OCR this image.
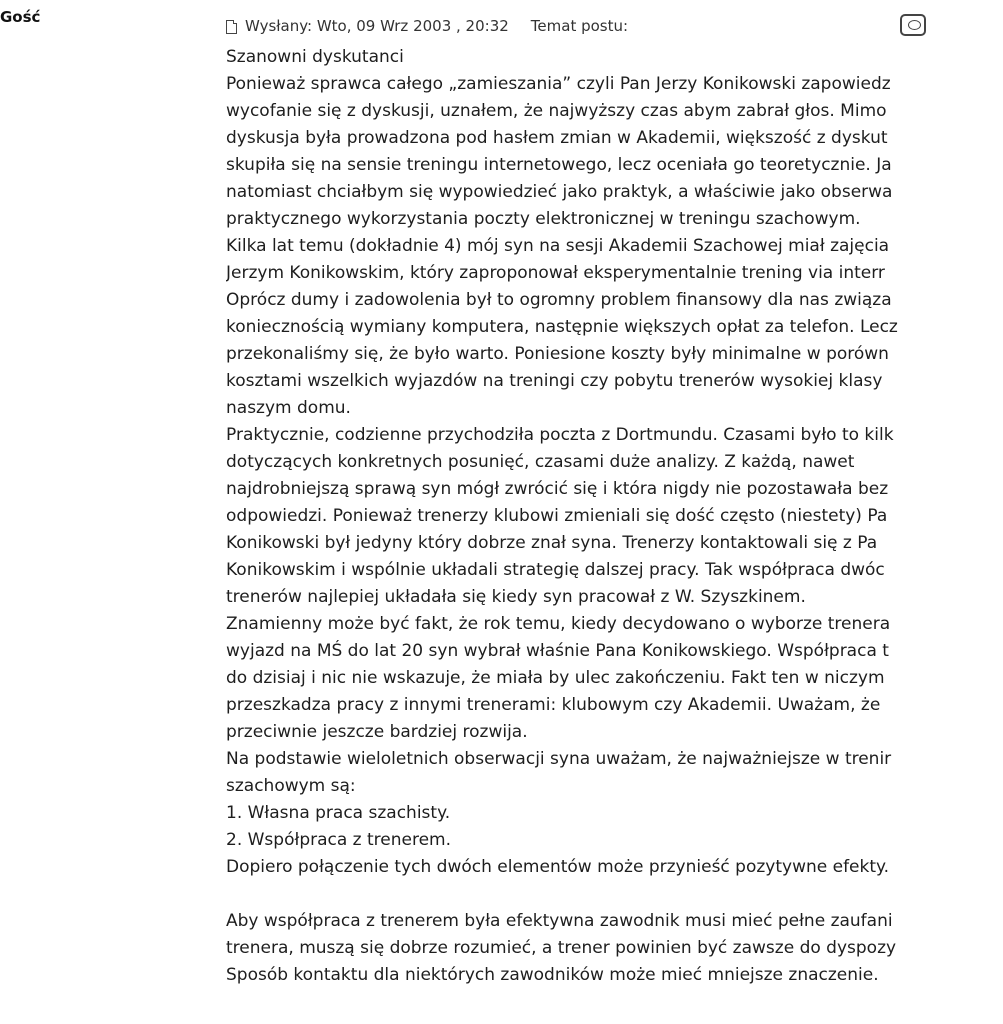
Gość	Wysłany: Wto, 09 Wrz 2003 , 20:32 Temat postu:
Szanowni dyskutanci
Ponieważ sprawca całego „zamieszania” czyli Pan Jerzy Konikowski zapowiedz
wycofanie się z dyskusji, uznałem, że najwyższy czas abym zabrał głos. Mimo
dyskusja była prowadzona pod hasłem zmian w Akademii, większość z dyskut
skupiła się na sensie treningu internetowego, lecz oceniała go teoretycznie. Ja
natomiast chciałbym się wypowiedzieć jako praktyk, a właściwie jako obserwa
praktycznego wykorzystania poczty elektronicznej w treningu szachowym.
Kilka lat temu (dokładnie 4) mój syn na sesji Akademii Szachowej miał zajęcia
Jerzym Konikowskim, który zaproponował eksperymentalnie trening via interr
Oprócz dumy i zadowolenia był to ogromny problem finansowy dla nas związa
koniecznością wymiany komputera, następnie większych opłat za telefon. Lecz
przekonaliśmy się, że było warto. Poniesione koszty były minimalne w porówn
kosztami wszelkich wyjazdów na treningi czy pobytu trenerów wysokiej klasy
naszym domu.
Praktycznie, codzienne przychodziła poczta z Dortmundu. Czasami było to kilk
dotyczących konkretnych posunięć, czasami duże analizy. Z każdą, nawet
najdrobniejszą sprawą syn mógł zwrócić się i która nigdy nie pozostawała bez
odpowiedzi. Ponieważ trenerzy klubowi zmieniali się dość często (niestety) Pa
Konikowski był jedyny który dobrze znał syna. Trenerzy kontaktowali się z Pa
Konikowskim i wspólnie układali strategię dalszej pracy. Tak współpraca dwóc
trenerów najlepiej układała się kiedy syn pracował z W. Szyszkinem.
Znamienny może być fakt, że rok temu, kiedy decydowano o wyborze trenera
wyjazd na MŚ do lat 20 syn wybrał właśnie Pana Konikowskiego. Współpraca t
do dzisiaj i nic nie wskazuje, że miała by ulec zakończeniu. Fakt ten w niczym
przeszkadza pracy z innymi trenerami: klubowym czy Akademii. Uważam, że
przeciwnie jeszcze bardziej rozwija.
Na podstawie wieloletnich obserwacji syna uważam, że najważniejsze w trenir
szachowym są:
1. Własna praca szachisty.
2. Współpraca z trenerem.
Dopiero połączenie tych dwóch elementów może przynieść pozytywne efekty.
Aby współpraca z trenerem była efektywna zawodnik musi mieć pełne zaufani
trenera, muszą się dobrze rozumieć, a trener powinien być zawsze do dyspozy
Sposób kontaktu dla niektórych zawodników może mieć mniejsze znaczenie.
